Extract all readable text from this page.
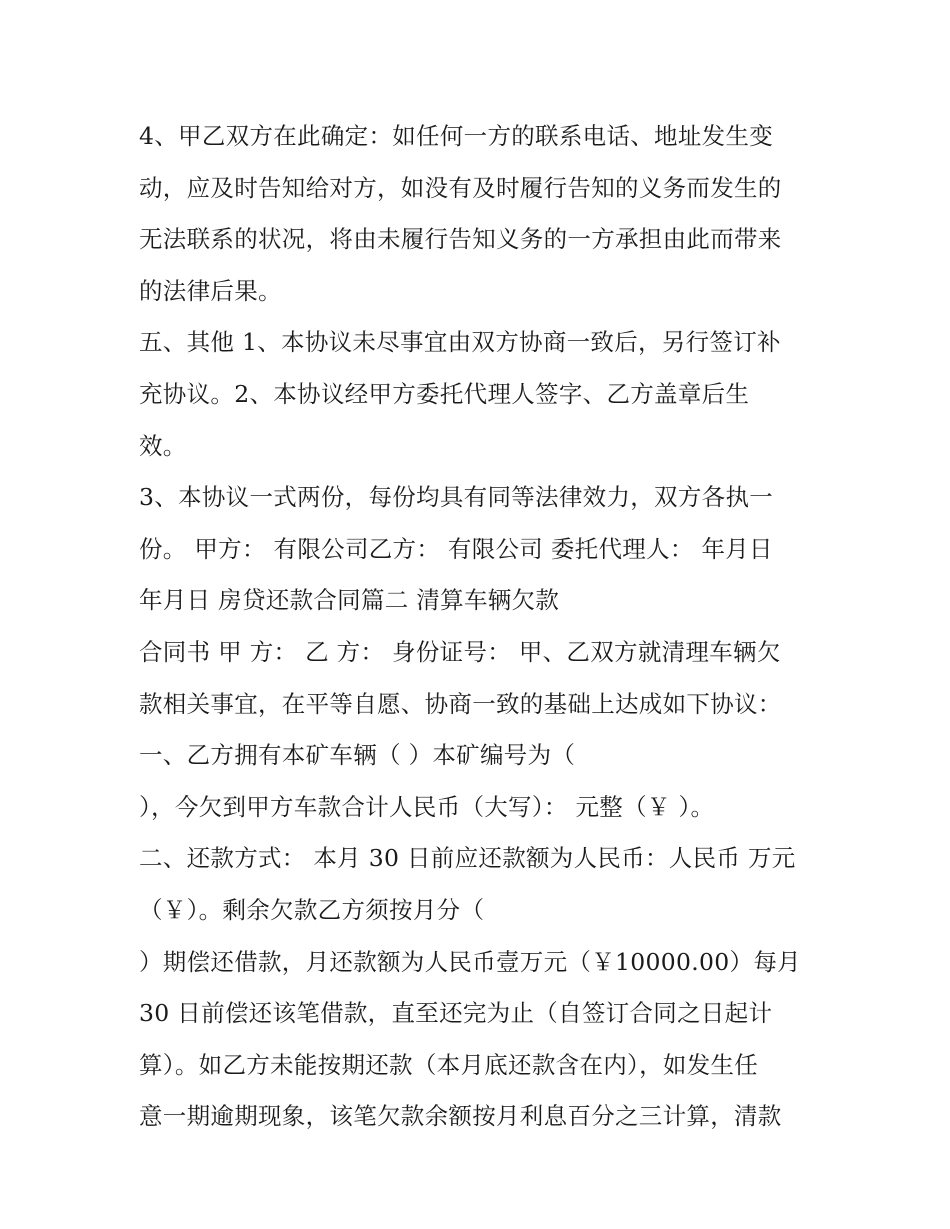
4、甲乙双方在此确定：如任何一方的联系电话、地址发生变
动，应及时告知给对方，如没有及时履行告知的义务而发生的
无法联系的状况，将由未履行告知义务的一方承担由此而带来
的法律后果。
五、其他 1、本协议未尽事宜由双方协商一致后，另行签订补
充协议。2、本协议经甲方委托代理人签字、乙方盖章后生
效。
3、本协议一式两份，每份均具有同等法律效力，双方各执一
份。 甲方： 有限公司乙方： 有限公司 委托代理人： 年月日
年月日 房贷还款合同篇二 清算车辆欠款
合同书 甲 方： 乙 方： 身份证号： 甲、乙双方就清理车辆欠
款相关事宜，在平等自愿、协商一致的基础上达成如下协议：
一、乙方拥有本矿车辆（ ）本矿编号为（
），今欠到甲方车款合计人民币（大写）： 元整（￥ ）。
二、还款方式： 本月 30 日前应还款额为人民币：人民币 万元
（￥）。剩余欠款乙方须按月分（
）期偿还借款，月还款额为人民币壹万元（￥10000.00）每月
30 日前偿还该笔借款，直至还完为止（自签订合同之日起计
算）。如乙方未能按期还款（本月底还款含在内），如发生任
意一期逾期现象，该笔欠款余额按月利息百分之三计算，清款
